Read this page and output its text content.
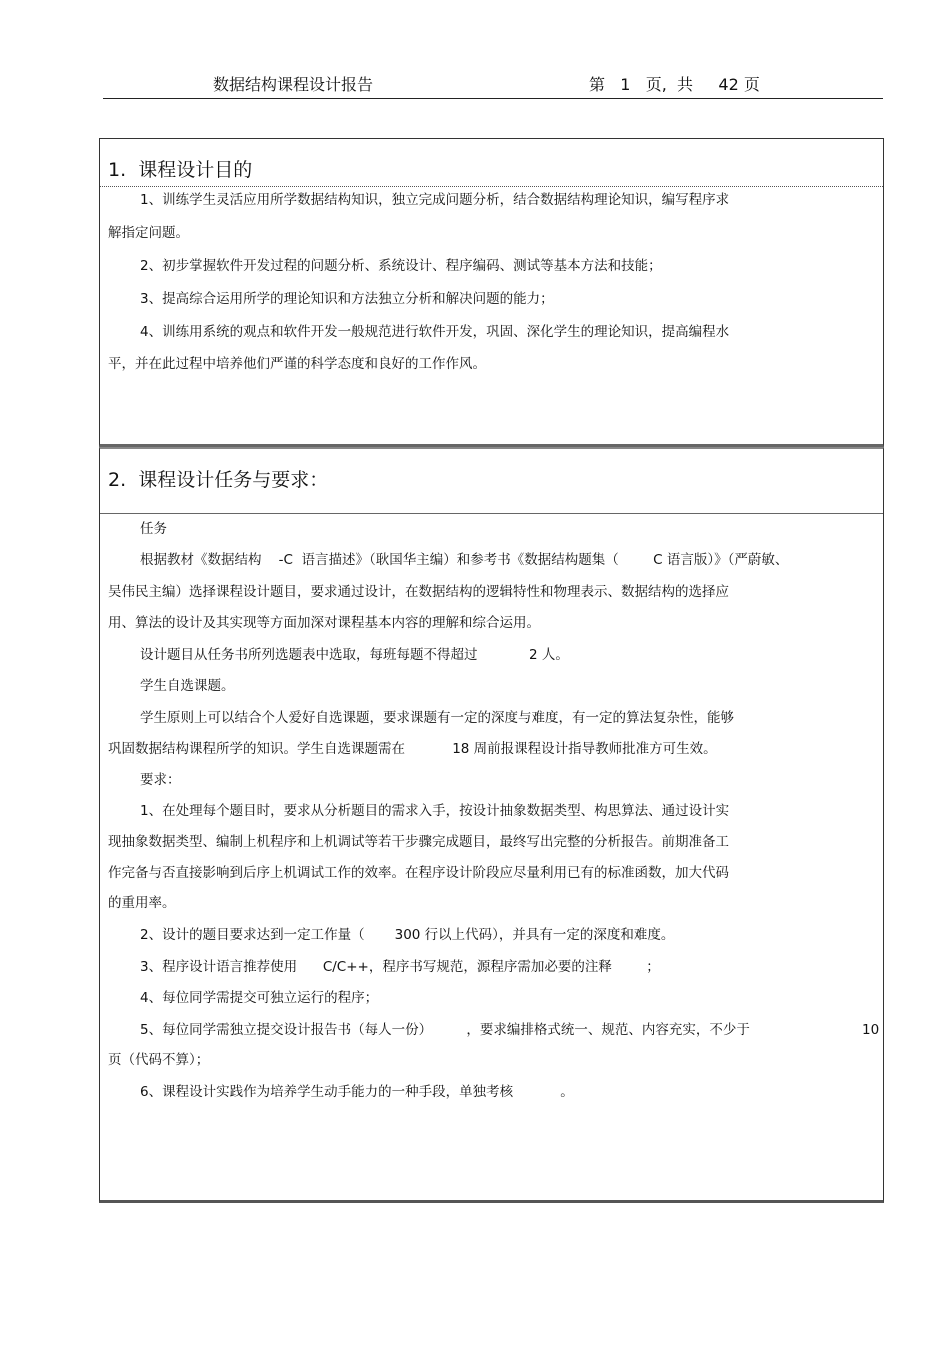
数据结构课程设计报告	第   1   页,  共     42 页
1.  课程设计目的
1、训练学生灵活应用所学数据结构知识，独立完成问题分析，结合数据结构理论知识，编写程序求
解指定问题。
2、初步掌握软件开发过程的问题分析、系统设计、程序编码、测试等基本方法和技能；
3、提高综合运用所学的理论知识和方法独立分析和解决问题的能力；
4、训练用系统的观点和软件开发一般规范进行软件开发，巩固、深化学生的理论知识，提高编程水
平，并在此过程中培养他们严谨的科学态度和良好的工作作风。
2.  课程设计任务与要求：
任务
根据教材《数据结构    -C  语言描述》（耿国华主编）和参考书《数据结构题集（        C 语言版）》（严蔚敏、
吴伟民主编）选择课程设计题目，要求通过设计，在数据结构的逻辑特性和物理表示、数据结构的选择应
用、算法的设计及其实现等方面加深对课程基本内容的理解和综合运用。
设计题目从任务书所列选题表中选取，每班每题不得超过            2 人。
学生自选课题。
学生原则上可以结合个人爱好自选课题，要求课题有一定的深度与难度，有一定的算法复杂性，能够
巩固数据结构课程所学的知识。学生自选课题需在           18 周前报课程设计指导教师批准方可生效。
要求：
1、在处理每个题目时，要求从分析题目的需求入手，按设计抽象数据类型、构思算法、通过设计实
现抽象数据类型、编制上机程序和上机调试等若干步骤完成题目，最终写出完整的分析报告。前期准备工
作完备与否直接影响到后序上机调试工作的效率。在程序设计阶段应尽量利用已有的标准函数，加大代码
的重用率。
2、设计的题目要求达到一定工作量（       300 行以上代码），并具有一定的深度和难度。
3、程序设计语言推荐使用      C/C++，程序书写规范，源程序需加必要的注释        ；
4、每位同学需提交可独立运行的程序；
5、每位同学需独立提交设计报告书（每人一份）        ，要求编排格式统一、规范、内容充实，不少于	10
页（代码不算）；
6、课程设计实践作为培养学生动手能力的一种手段，单独考核           。
